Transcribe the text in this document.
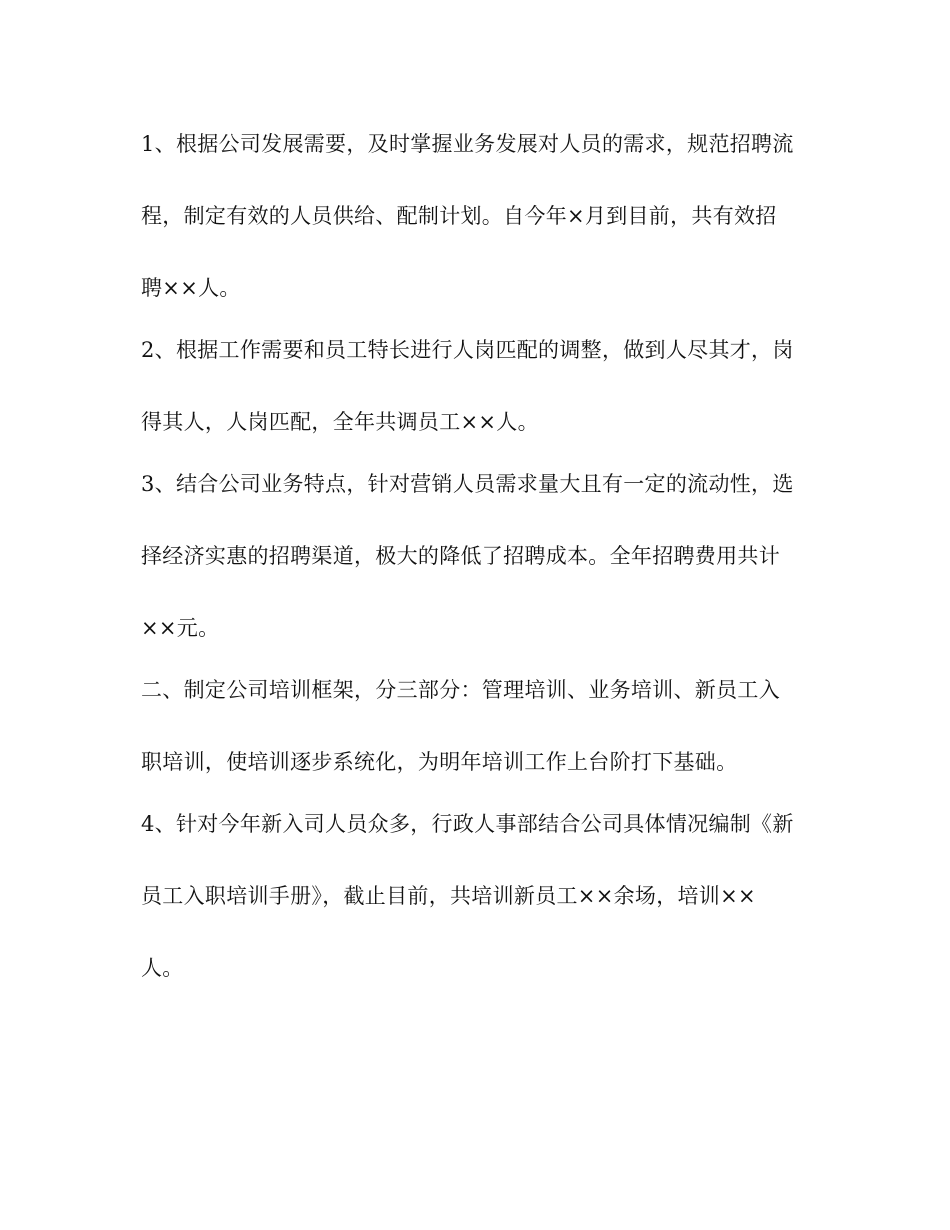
1、根据公司发展需要，及时掌握业务发展对人员的需求，规范招聘流
程，制定有效的人员供给、配制计划。自今年×月到目前，共有效招
聘××人。
2、根据工作需要和员工特长进行人岗匹配的调整，做到人尽其才，岗
得其人，人岗匹配，全年共调员工××人。
3、结合公司业务特点，针对营销人员需求量大且有一定的流动性，选
择经济实惠的招聘渠道，极大的降低了招聘成本。全年招聘费用共计
××元。
二、制定公司培训框架，分三部分：管理培训、业务培训、新员工入
职培训，使培训逐步系统化，为明年培训工作上台阶打下基础。
4、针对今年新入司人员众多，行政人事部结合公司具体情况编制《新
员工入职培训手册》，截止目前，共培训新员工××余场，培训××
人。
